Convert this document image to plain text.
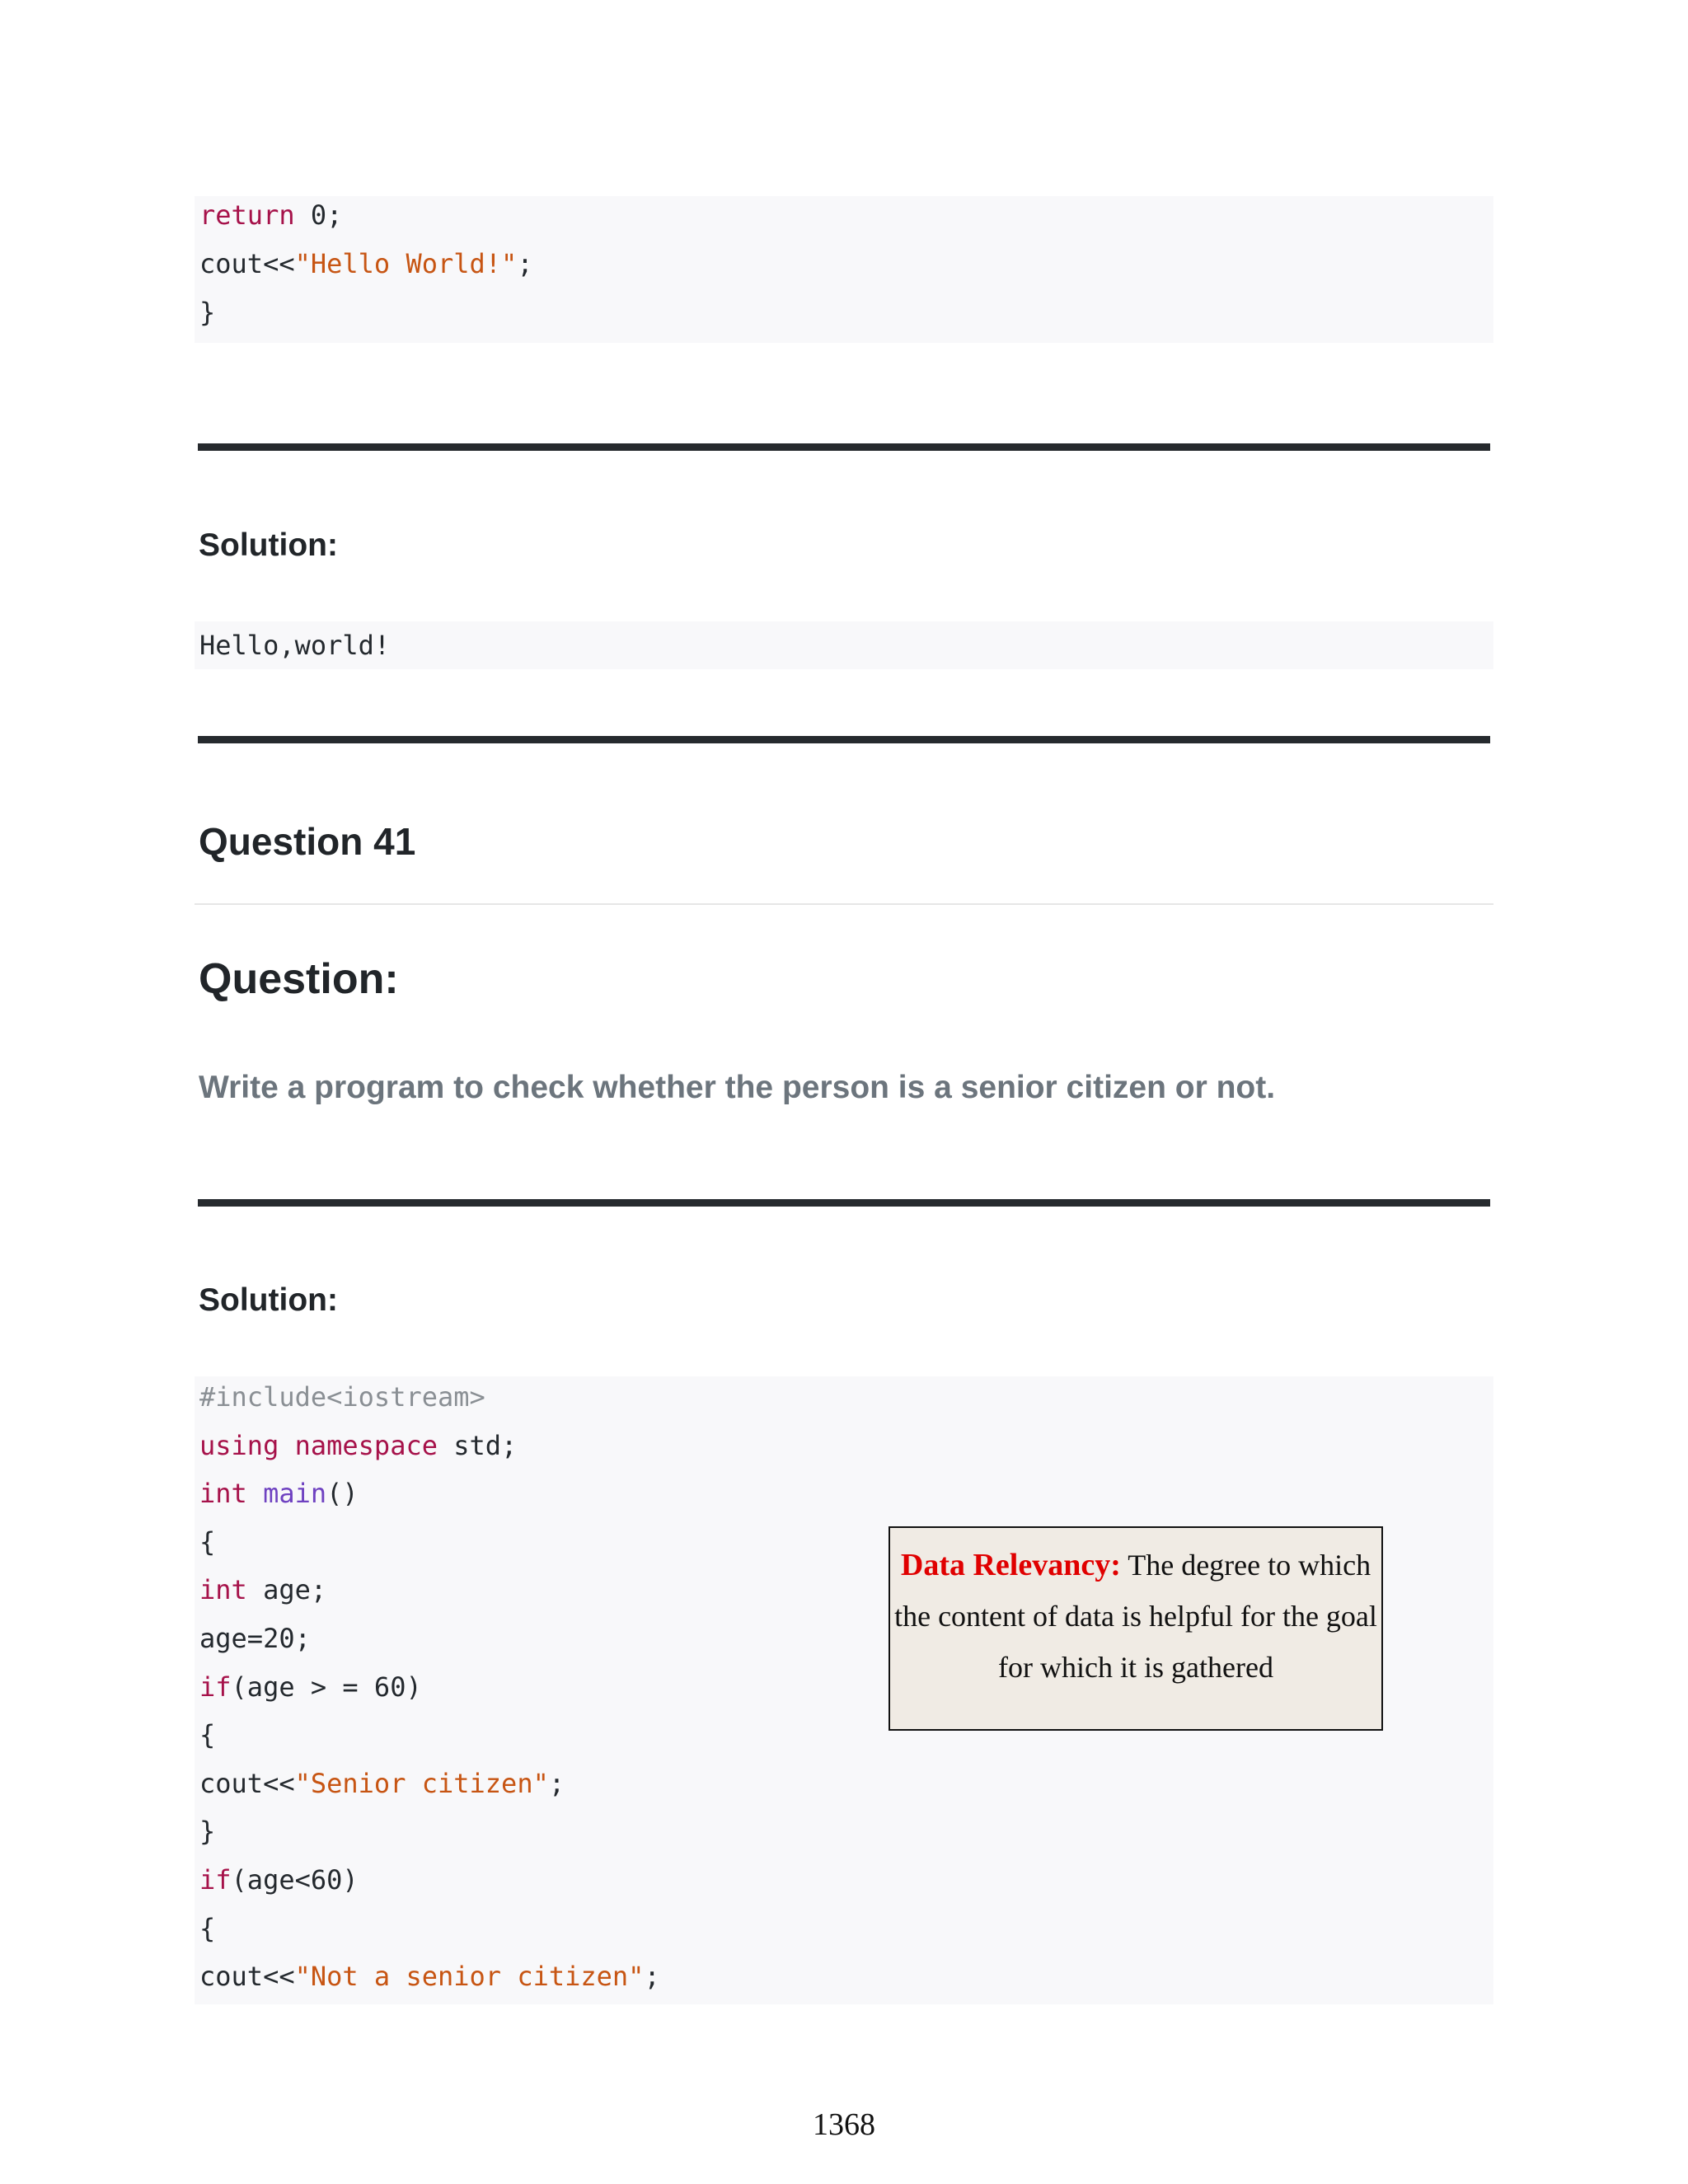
return 0;
cout<<"Hello World!";
}
Solution:
Hello,world!
Question 41
Question:
Write a program to check whether the person is a senior citizen or not.
Solution:
#include<iostream>
using namespace std;
int main()
{
int age;
age=20;
if(age > = 60)
{
cout<<"Senior citizen";
}
if(age<60)
{
cout<<"Not a senior citizen";
Data Relevancy: The degree to which the content of data is helpful for the goal for which it is gathered
1368
